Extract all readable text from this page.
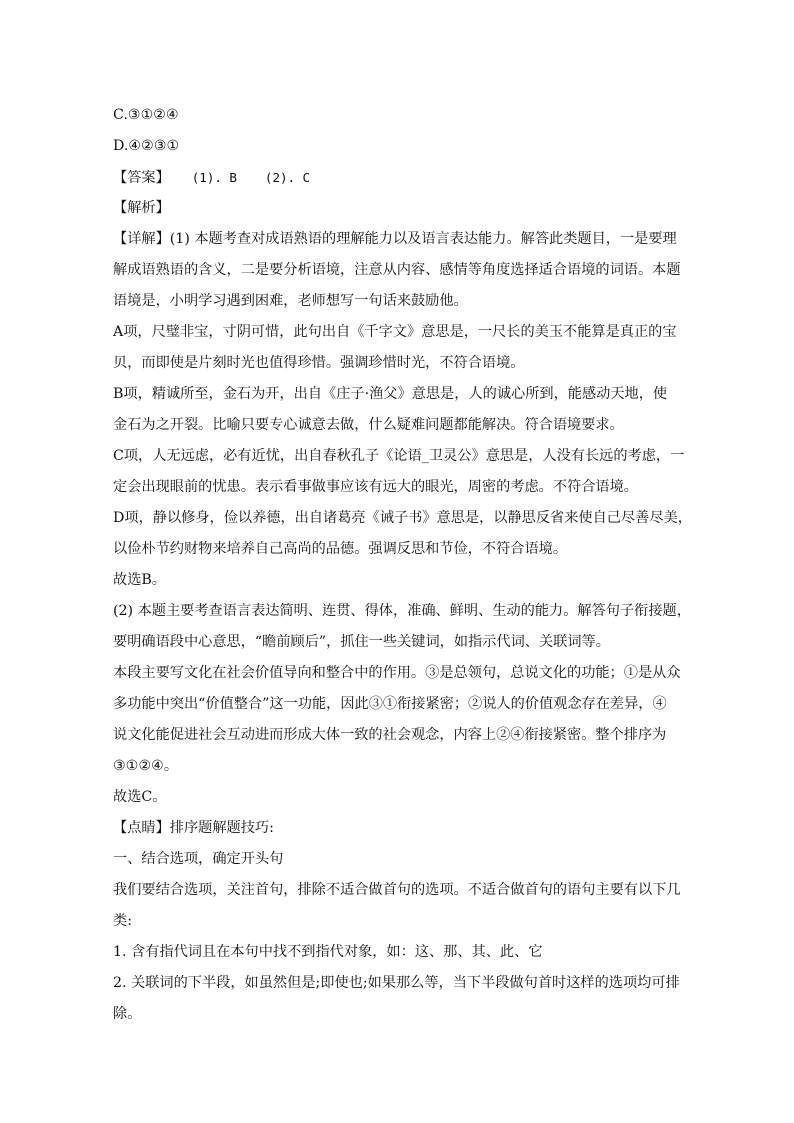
C.③①②④
D.④②③①
【答案】 (1). B (2). C
【解析】
【详解】(1) 本题考查对成语熟语的理解能力以及语言表达能力。解答此类题目，一是要理
解成语熟语的含义，二是要分析语境，注意从内容、感情等角度选择适合语境的词语。本题
语境是，小明学习遇到困难，老师想写一句话来鼓励他。
A项，尺璧非宝，寸阴可惜，此句出自《千字文》意思是，一尺长的美玉不能算是真正的宝
贝，而即使是片刻时光也值得珍惜。强调珍惜时光，不符合语境。
B项，精诚所至，金石为开，出自《庄子·渔父》意思是，人的诚心所到，能感动天地，使
金石为之开裂。比喻只要专心诚意去做，什么疑难问题都能解决。符合语境要求。
C项，人无远虑，必有近忧，出自春秋孔子《论语_卫灵公》意思是，人没有长远的考虑，一
定会出现眼前的忧患。表示看事做事应该有远大的眼光，周密的考虑。不符合语境。
D项，静以修身，俭以养德，出自诸葛亮《诫子书》意思是，以静思反省来使自己尽善尽美，
以俭朴节约财物来培养自己高尚的品德。强调反思和节俭，不符合语境。
故选B。
(2) 本题主要考查语言表达简明、连贯、得体，准确、鲜明、生动的能力。解答句子衔接题，
要明确语段中心意思，“瞻前顾后”，抓住一些关键词，如指示代词、关联词等。
本段主要写文化在社会价值导向和整合中的作用。③是总领句，总说文化的功能；①是从众
多功能中突出“价值整合”这一功能，因此③①衔接紧密；②说人的价值观念存在差异，④
说文化能促进社会互动进而形成大体一致的社会观念，内容上②④衔接紧密。整个排序为
③①②④。
故选C。
【点睛】排序题解题技巧:
一、结合选项，确定开头句
我们要结合选项，关注首句，排除不适合做首句的选项。不适合做首句的语句主要有以下几
类:
1. 含有指代词且在本句中找不到指代对象，如：这、那、其、此、它
2. 关联词的下半段，如虽然但是;即使也;如果那么等，当下半段做句首时这样的选项均可排
除。
